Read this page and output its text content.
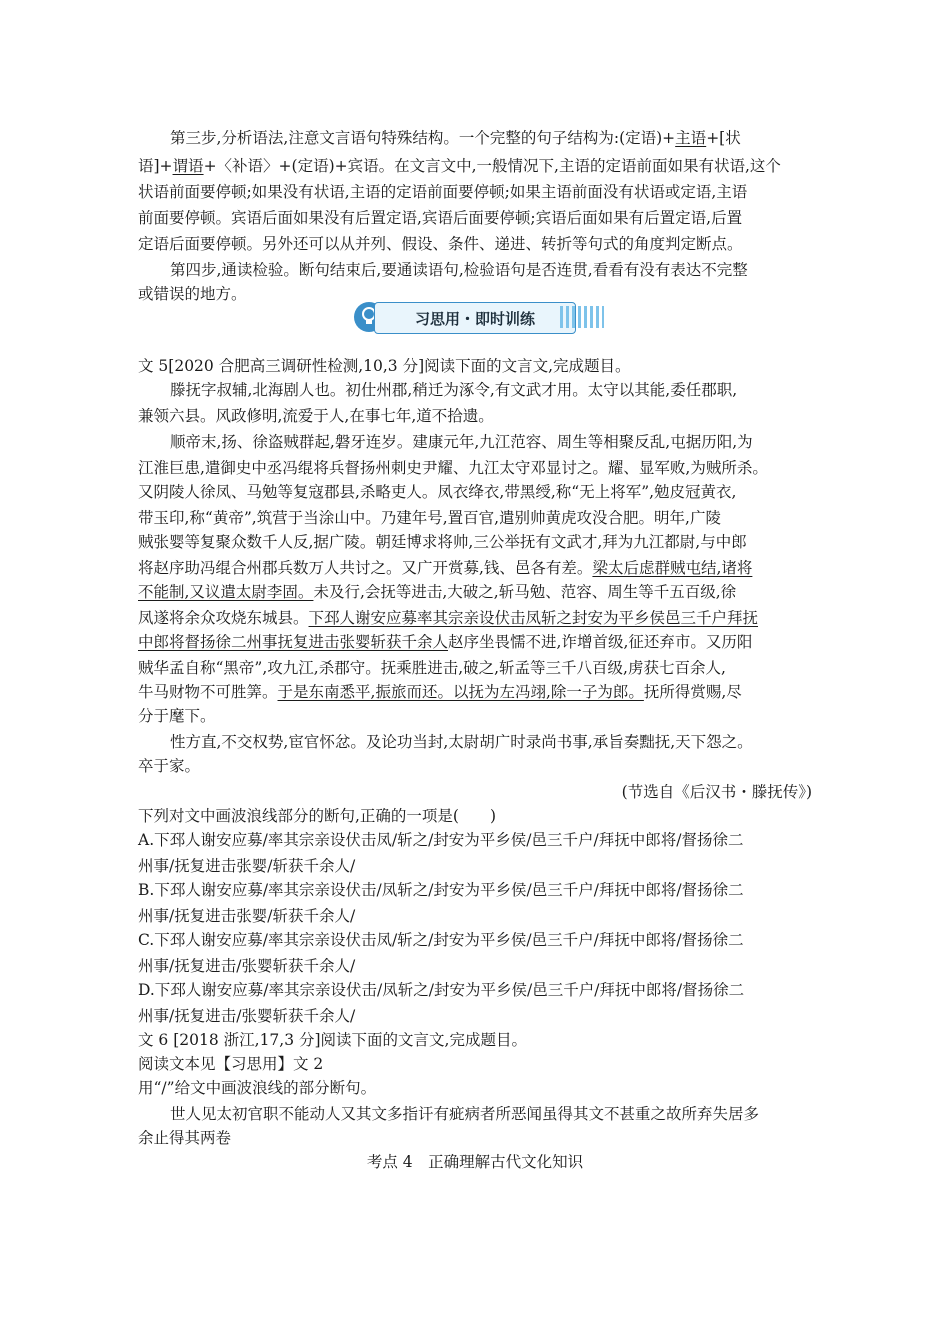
第三步,分析语法,注意文言语句特殊结构。一个完整的句子结构为:(定语)+主语+[状
语]+谓语+〈补语〉+(定语)+宾语。在文言文中,一般情况下,主语的定语前面如果有状语,这个
状语前面要停顿;如果没有状语,主语的定语前面要停顿;如果主语前面没有状语或定语,主语
前面要停顿。宾语后面如果没有后置定语,宾语后面要停顿;宾语后面如果有后置定语,后置
定语后面要停顿。另外还可以从并列、假设、条件、递进、转折等句式的角度判定断点。
第四步,通读检验。断句结束后,要通读语句,检验语句是否连贯,看看有没有表达不完整
或错误的地方。
文 5[2020 合肥高三调研性检测,10,3 分]阅读下面的文言文,完成题目。
滕抚字叔辅,北海剧人也。初仕州郡,稍迁为涿令,有文武才用。太守以其能,委任郡职,
兼领六县。风政修明,流爱于人,在事七年,道不拾遗。
顺帝末,扬、徐盗贼群起,磐牙连岁。建康元年,九江范容、周生等相聚反乱,屯据历阳,为
江淮巨患,遣御史中丞冯绲将兵督扬州刺史尹耀、九江太守邓显讨之。耀、显军败,为贼所杀。
又阴陵人徐凤、马勉等复寇郡县,杀略吏人。凤衣绛衣,带黑绶,称“无上将军”,勉皮冠黄衣,
带玉印,称“黄帝”,筑营于当涂山中。乃建年号,置百官,遣别帅黄虎攻没合肥。明年,广陵
贼张婴等复聚众数千人反,据广陵。朝廷博求将帅,三公举抚有文武才,拜为九江都尉,与中郎
将赵序助冯绲合州郡兵数万人共讨之。又广开赏募,钱、邑各有差。梁太后虑群贼屯结,诸将
不能制,又议遣太尉李固。未及行,会抚等进击,大破之,斩马勉、范容、周生等千五百级,徐
凤遂将余众攻烧东城县。下邳人谢安应募率其宗亲设伏击凤斩之封安为平乡侯邑三千户拜抚
中郎将督扬徐二州事抚复进击张婴斩获千余人赵序坐畏懦不进,诈增首级,征还弃市。又历阳
贼华孟自称“黑帝”,攻九江,杀郡守。抚乘胜进击,破之,斩孟等三千八百级,虏获七百余人,
牛马财物不可胜筭。于是东南悉平,振旅而还。以抚为左冯翊,除一子为郎。抚所得赏赐,尽
分于麾下。
性方直,不交权势,宦官怀忿。及论功当封,太尉胡广时录尚书事,承旨奏黜抚,天下怨之。
卒于家。
(节选自《后汉书・滕抚传》)
下列对文中画波浪线部分的断句,正确的一项是(　　)
A.下邳人谢安应募/率其宗亲设伏击凤/斩之/封安为平乡侯/邑三千户/拜抚中郎将/督扬徐二
州事/抚复进击张婴/斩获千余人/
B.下邳人谢安应募/率其宗亲设伏击/凤斩之/封安为平乡侯/邑三千户/拜抚中郎将/督扬徐二
州事/抚复进击张婴/斩获千余人/
C.下邳人谢安应募/率其宗亲设伏击凤/斩之/封安为平乡侯/邑三千户/拜抚中郎将/督扬徐二
州事/抚复进击/张婴斩获千余人/
D.下邳人谢安应募/率其宗亲设伏击/凤斩之/封安为平乡侯/邑三千户/拜抚中郎将/督扬徐二
州事/抚复进击/张婴斩获千余人/
文 6 [2018 浙江,17,3 分]阅读下面的文言文,完成题目。
阅读文本见【习思用】文 2
用“/”给文中画波浪线的部分断句。
世人见太初官职不能动人又其文多指讦有疵病者所恶闻虽得其文不甚重之故所弃失居多
余止得其两卷
考点 4　正确理解古代文化知识
习思用・即时训练
